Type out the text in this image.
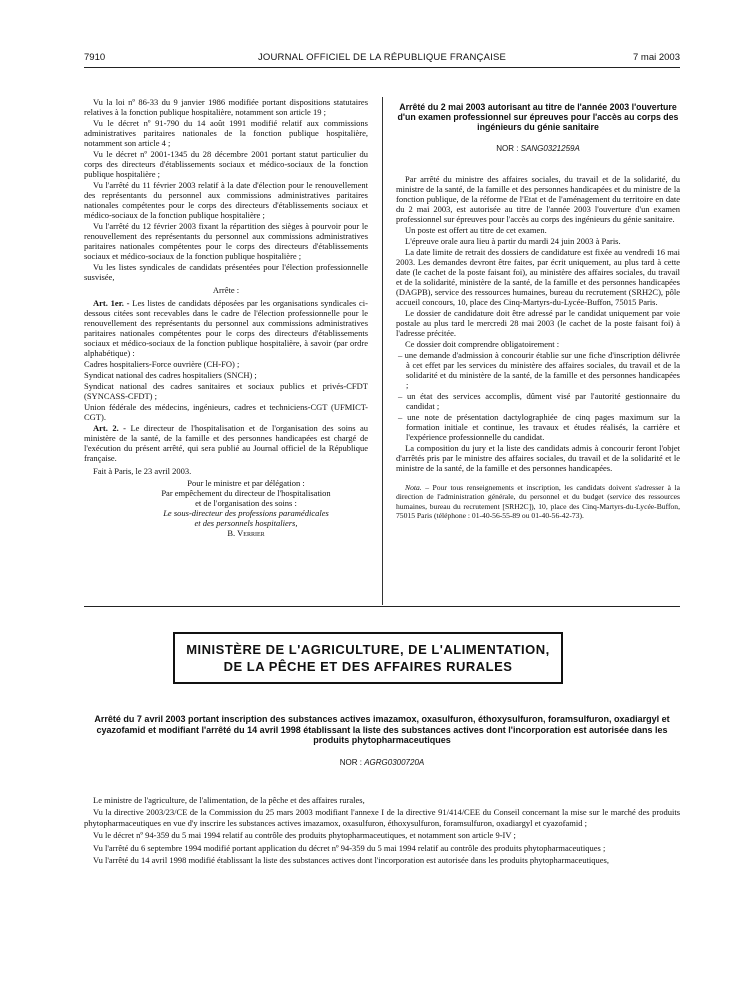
7910	JOURNAL OFFICIEL DE LA RÉPUBLIQUE FRANÇAISE	7 mai 2003

Vu la loi nº 86-33 du 9 janvier 1986 modifiée portant dispositions statutaires relatives à la fonction publique hospitalière, notamment son article 19 ;

Vu le décret nº 91-790 du 14 août 1991 modifié relatif aux commissions administratives paritaires nationales de la fonction publique hospitalière, notamment son article 4 ;

Vu le décret nº 2001-1345 du 28 décembre 2001 portant statut particulier du corps des directeurs d'établissements sociaux et médico-sociaux de la fonction publique hospitalière ;

Vu l'arrêté du 11 février 2003 relatif à la date d'élection pour le renouvellement des représentants du personnel aux commissions administratives paritaires nationales compétentes pour le corps des directeurs d'établissements sociaux et médico-sociaux de la fonction publique hospitalière ;

Vu l'arrêté du 12 février 2003 fixant la répartition des sièges à pourvoir pour le renouvellement des représentants du personnel aux commissions administratives paritaires nationales compétentes pour le corps des directeurs d'établissements sociaux et médico-sociaux de la fonction publique hospitalière ;

Vu les listes syndicales de candidats présentées pour l'élection professionnelle susvisée,

Arrête :

Art. 1er. - Les listes de candidats déposées par les organisations syndicales ci-dessous citées sont recevables dans le cadre de l'élection professionnelle pour le renouvellement des représentants du personnel aux commissions administratives paritaires nationales compétentes pour le corps des directeurs d'établissements sociaux et médico-sociaux de la fonction publique hospitalière, à savoir (par ordre alphabétique) :

Cadres hospitaliers-Force ouvrière (CH-FO) ;

Syndicat national des cadres hospitaliers (SNCH) ;

Syndicat national des cadres sanitaires et sociaux publics et privés-CFDT (SYNCASS-CFDT) ;

Union fédérale des médecins, ingénieurs, cadres et techniciens-CGT (UFMICT-CGT).

Art. 2. - Le directeur de l'hospitalisation et de l'organisation des soins au ministère de la santé, de la famille et des personnes handicapées est chargé de l'exécution du présent arrêté, qui sera publié au Journal officiel de la République française.

Fait à Paris, le 23 avril 2003.

Pour le ministre et par délégation :

Par empêchement du directeur de l'hospitalisation

et de l'organisation des soins :

Le sous-directeur des professions paramédicales

et des personnels hospitaliers,

B. Verrier

Arrêté du 2 mai 2003 autorisant au titre de l'année 2003 l'ouverture d'un examen professionnel sur épreuves pour l'accès au corps des ingénieurs du génie sanitaire
NOR : SANG0321259A

Par arrêté du ministre des affaires sociales, du travail et de la solidarité, du ministre de la santé, de la famille et des personnes handicapées et du ministre de la fonction publique, de la réforme de l'Etat et de l'aménagement du territoire en date du 2 mai 2003, est autorisée au titre de l'année 2003 l'ouverture d'un examen professionnel sur épreuves pour l'accès au corps des ingénieurs du génie sanitaire.

Un poste est offert au titre de cet examen.

L'épreuve orale aura lieu à partir du mardi 24 juin 2003 à Paris.

La date limite de retrait des dossiers de candidature est fixée au vendredi 16 mai 2003. Les demandes devront être faites, par écrit uniquement, au plus tard à cette date (le cachet de la poste faisant foi), au ministère des affaires sociales, du travail et de la solidarité, ministère de la santé, de la famille et des personnes handicapées (DAGPB), service des ressources humaines, bureau du recrutement (SRH2C), pôle accueil concours, 10, place des Cinq-Martyrs-du-Lycée-Buffon, 75015 Paris.

Le dossier de candidature doit être adressé par le candidat uniquement par voie postale au plus tard le mercredi 28 mai 2003 (le cachet de la poste faisant foi) à l'adresse précitée.

Ce dossier doit comprendre obligatoirement :

– une demande d'admission à concourir établie sur une fiche d'inscription délivrée à cet effet par les services du ministère des affaires sociales, du travail et de la solidarité et du ministère de la santé, de la famille et des personnes handicapées ;

– un état des services accomplis, dûment visé par l'autorité gestionnaire du candidat ;

– une note de présentation dactylographiée de cinq pages maximum sur la formation initiale et continue, les travaux et études réalisés, la carrière et l'expérience professionnelle du candidat.

La composition du jury et la liste des candidats admis à concourir feront l'objet d'arrêtés pris par le ministre des affaires sociales, du travail et de la solidarité et le ministre de la santé, de la famille et des personnes handicapées.

Nota. – Pour tous renseignements et inscription, les candidats doivent s'adresser à la direction de l'administration générale, du personnel et du budget (service des ressources humaines, bureau du recrutement [SRH2C]), 10, place des Cinq-Martyrs-du-Lycée-Buffon, 75015 Paris (téléphone : 01-40-56-55-89 ou 01-40-56-42-73).

MINISTÈRE DE L'AGRICULTURE, DE L'ALIMENTATION,
DE LA PÊCHE ET DES AFFAIRES RURALES
Arrêté du 7 avril 2003 portant inscription des substances actives imazamox, oxasulfuron, éthoxysulfuron, foramsulfuron, oxadiargyl et cyazofamid et modifiant l'arrêté du 14 avril 1998 établissant la liste des substances actives dont l'incorporation est autorisée dans les produits phytopharmaceutiques
NOR : AGRG0300720A

Le ministre de l'agriculture, de l'alimentation, de la pêche et des affaires rurales,

Vu la directive 2003/23/CE de la Commission du 25 mars 2003 modifiant l'annexe I de la directive 91/414/CEE du Conseil concernant la mise sur le marché des produits phytopharmaceutiques en vue d'y inscrire les substances actives imazamox, oxasulfuron, éthoxysulfuron, foramsulfuron, oxadiargyl et cyazofamid ;

Vu le décret nº 94-359 du 5 mai 1994 relatif au contrôle des produits phytopharmaceutiques, et notamment son article 9-IV ;

Vu l'arrêté du 6 septembre 1994 modifié portant application du décret nº 94-359 du 5 mai 1994 relatif au contrôle des produits phytopharmaceutiques ;

Vu l'arrêté du 14 avril 1998 modifié établissant la liste des substances actives dont l'incorporation est autorisée dans les produits phytopharmaceutiques,
